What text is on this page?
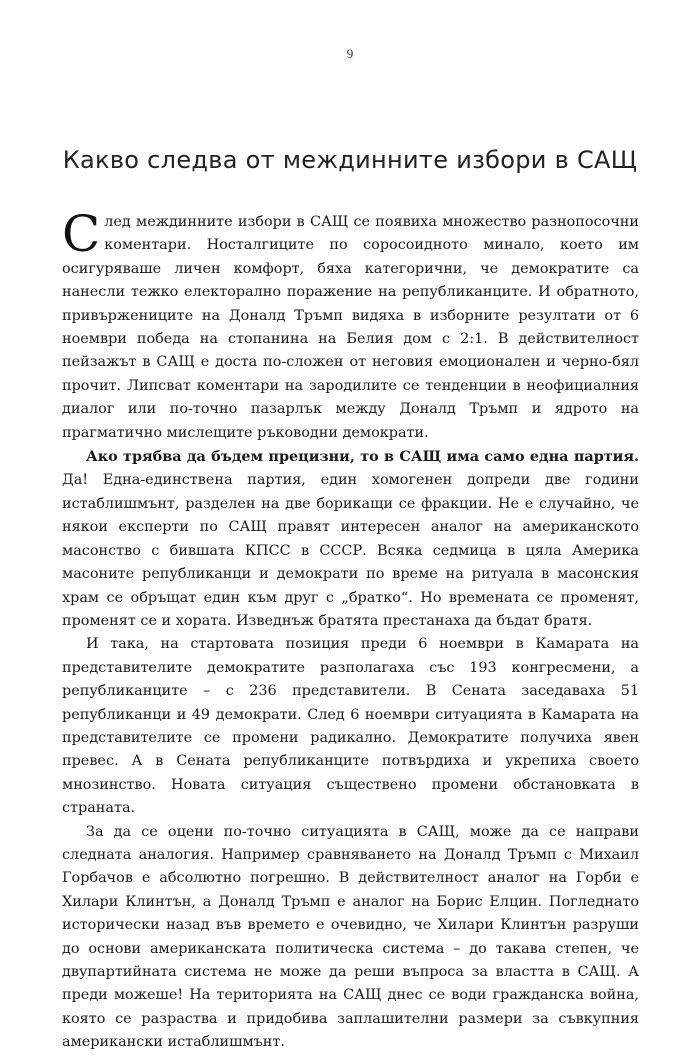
9
Какво следва от междинните избори в САЩ

След междинните избори в САЩ се появиха множество разнопосочни коментари. Носталгиците по соросоидното минало, което им осигуряваше личен комфорт, бяха категорични, че демократите са нанесли тежко електорално поражение на републиканците. И обратното, привържениците на Доналд Тръмп видяха в изборните резултати от 6 ноември победа на стопанина на Белия дом с 2:1. В действителност пейзажът в САЩ е доста по-сложен от неговия емоционален и черно-бял прочит. Липсват коментари на зародилите се тенденции в неофициалния диалог или по-точно пазарлък между Доналд Тръмп и ядрото на прагматично мислещите ръководни демократи.

Ако трябва да бъдем прецизни, то в САЩ има само една партия. Да! Една-единствена партия, един хомогенен допреди две години истаблишмънт, разделен на две борикащи се фракции. Не е случайно, че някои експерти по САЩ правят интересен аналог на американското масонство с бившата КПСС в СССР. Всяка седмица в цяла Америка масоните републиканци и демократи по време на ритуала в масонския храм се обръщат един към друг с „братко“. Но времената се променят, променят се и хората. Изведнъж братята престанаха да бъдат братя.

И така, на стартовата позиция преди 6 ноември в Камарата на представителите демократите разполагаха със 193 конгресмени, а републиканците – с 236 представители. В Сената заседаваха 51 републиканци и 49 демократи. След 6 ноември ситуацията в Камарата на представителите се промени радикално. Демократите получиха явен превес. А в Сената републиканците потвърдиха и укрепиха своето мнозинство. Новата ситуация съществено промени обстановката в страната.

За да се оцени по-точно ситуацията в САЩ, може да се направи следната аналогия. Например сравняването на Доналд Тръмп с Михаил Горбачов е абсолютно погрешно. В действителност аналог на Горби е Хилари Клинтън, а Доналд Тръмп е аналог на Борис Елцин. Погледнато исторически назад във времето е очевидно, че Хилари Клинтън разруши до основи американската политическа система – до такава степен, че двупартийната система не може да реши въпроса за властта в САЩ. А преди можеше! На територията на САЩ днес се води гражданска война, която се разраства и придобива заплашителни размери за съвкупния американски истаблишмънт.
